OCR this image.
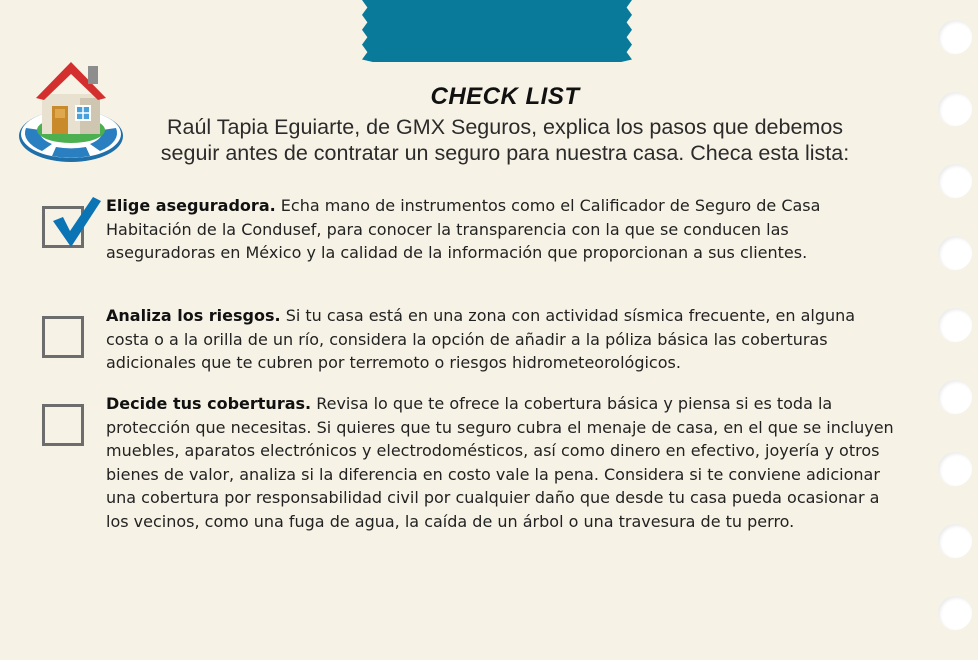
CHECK LIST

Raúl Tapia Eguiarte, de GMX Seguros, explica los pasos que debemos seguir antes de contratar un seguro para nuestra casa. Checa esta lista:

Elige aseguradora. Echa mano de instrumentos como el Calificador de Seguro de Casa Habitación de la Condusef, para conocer la transparencia con la que se conducen las aseguradoras en México y la calidad de la información que proporcionan a sus clientes.
Analiza los riesgos. Si tu casa está en una zona con actividad sísmica frecuente, en alguna costa o a la orilla de un río, considera la opción de añadir a la póliza básica las coberturas adicionales que te cubren por terremoto o riesgos hidrometeorológicos.
Decide tus coberturas. Revisa lo que te ofrece la cobertura básica y piensa si es toda la protección que necesitas. Si quieres que tu seguro cubra el menaje de casa, en el que se incluyen muebles, aparatos electrónicos y electrodomésticos, así como dinero en efectivo, joyería y otros bienes de valor, analiza si la diferencia en costo vale la pena. Considera si te conviene adicionar una cobertura por responsabilidad civil por cualquier daño que desde tu casa pueda ocasionar a los vecinos, como una fuga de agua, la caída de un árbol o una travesura de tu perro.
